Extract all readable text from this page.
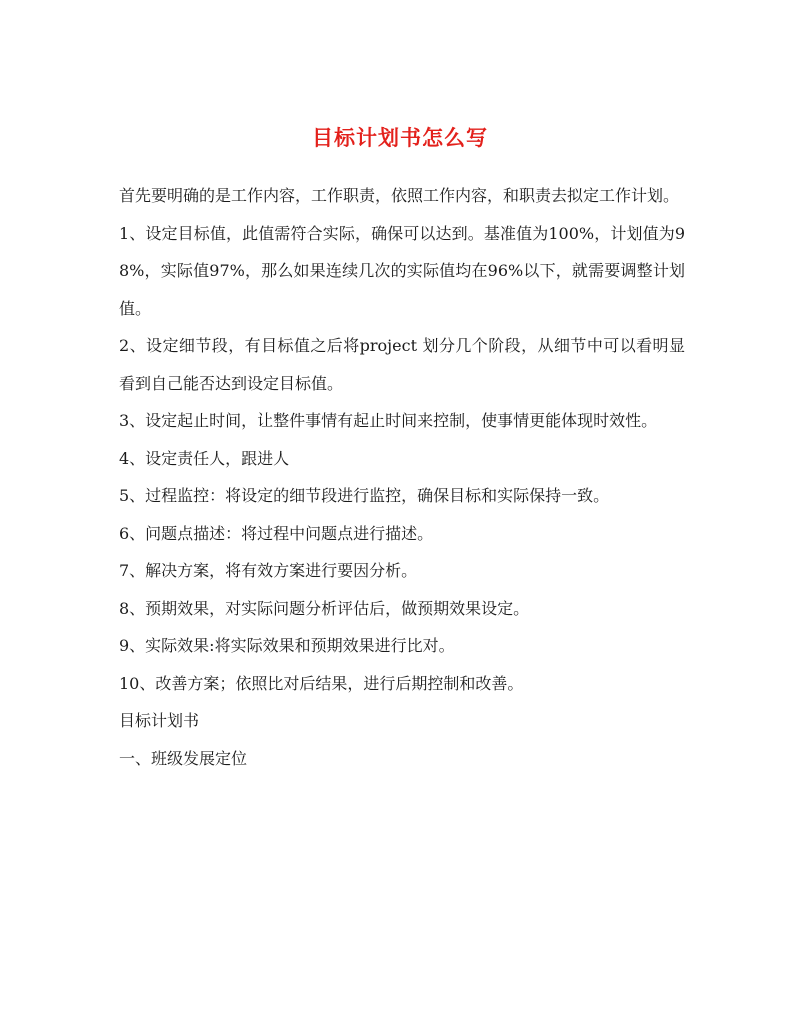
目标计划书怎么写

首先要明确的是工作内容，工作职责，依照工作内容，和职责去拟定工作计划。

1、设定目标值，此值需符合实际，确保可以达到。基准值为100%，计划值为98%，实际值97%，那么如果连续几次的实际值均在96%以下，就需要调整计划值。

2、设定细节段，有目标值之后将project 划分几个阶段，从细节中可以看明显看到自己能否达到设定目标值。

3、设定起止时间，让整件事情有起止时间来控制，使事情更能体现时效性。

4、设定责任人，跟进人

5、过程监控：将设定的细节段进行监控，确保目标和实际保持一致。

6、问题点描述：将过程中问题点进行描述。

7、解决方案，将有效方案进行要因分析。

8、预期效果，对实际问题分析评估后，做预期效果设定。

9、实际效果:将实际效果和预期效果进行比对。

10、改善方案；依照比对后结果，进行后期控制和改善。

目标计划书

一、班级发展定位
